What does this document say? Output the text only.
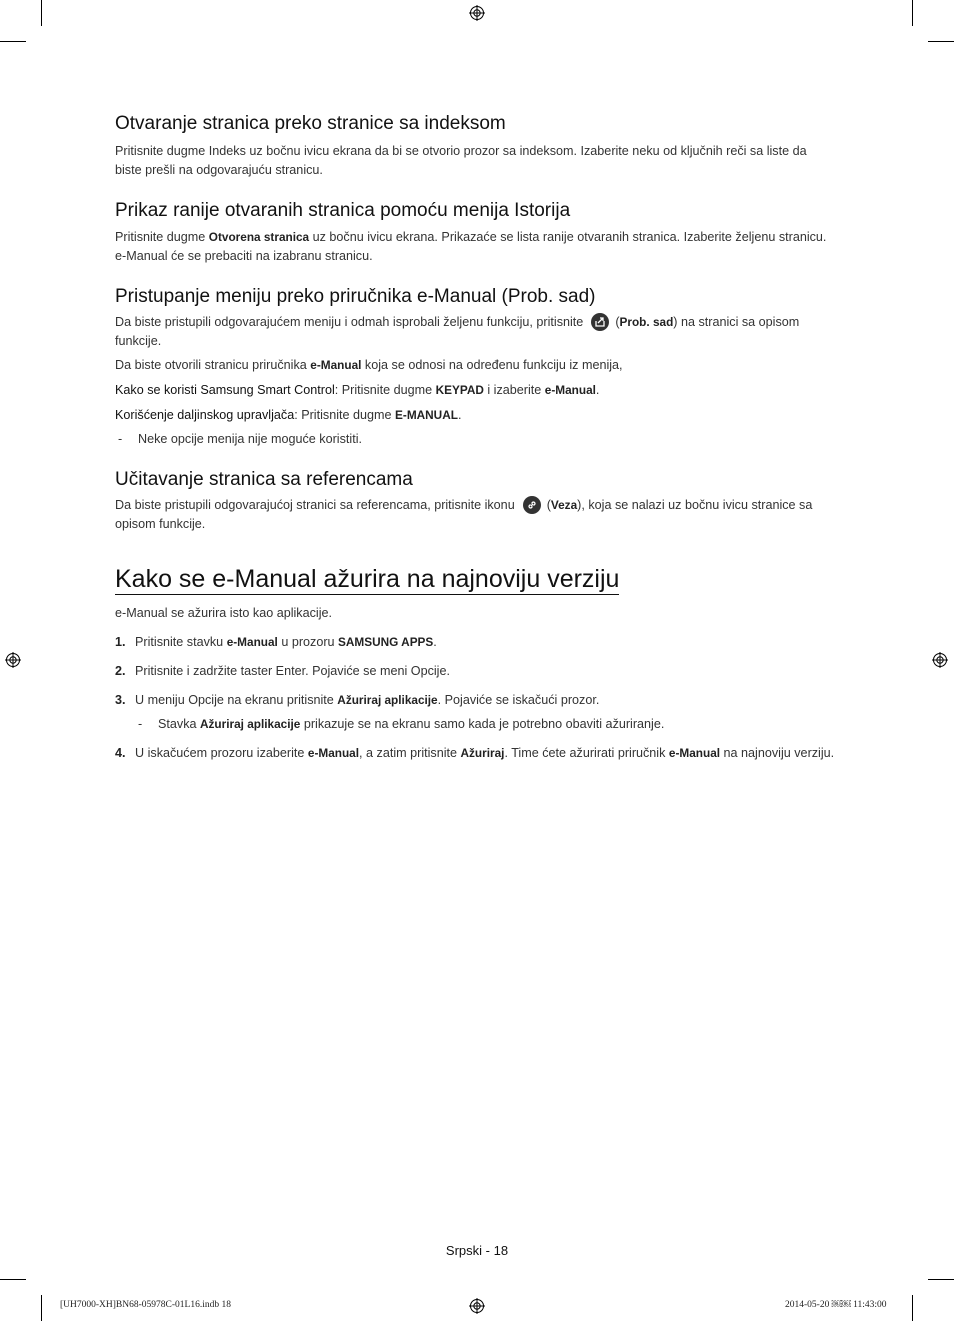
Otvaranje stranica preko stranice sa indeksom

Pritisnite dugme Indeks uz bočnu ivicu ekrana da bi se otvorio prozor sa indeksom. Izaberite neku od ključnih reči sa liste da biste prešli na odgovarajuću stranicu.

Prikaz ranije otvaranih stranica pomoću menija Istorija

Pritisnite dugme Otvorena stranica uz bočnu ivicu ekrana. Prikazaće se lista ranije otvaranih stranica. Izaberite željenu stranicu. e-Manual će se prebaciti na izabranu stranicu.

Pristupanje meniju preko priručnika e-Manual (Prob. sad)

Da biste pristupili odgovarajućem meniju i odmah isprobali željenu funkciju, pritisnite	(Prob. sad) na stranici sa opisom funkcije.

Da biste otvorili stranicu priručnika e-Manual koja se odnosi na određenu funkciju iz menija,

Kako se koristi Samsung Smart Control: Pritisnite dugme KEYPAD i izaberite e-Manual.

Korišćenje daljinskog upravljača: Pritisnite dugme E-MANUAL.

-	Neke opcije menija nije moguće koristiti.
Učitavanje stranica sa referencama

Da biste pristupili odgovarajućoj stranici sa referencama, pritisnite ikonu	(Veza), koja se nalazi uz bočnu ivicu stranice sa opisom funkcije.

Kako se e-Manual ažurira na najnoviju verziju

e-Manual se ažurira isto kao aplikacije.

1. Pritisnite stavku e-Manual u prozoru SAMSUNG APPS.
2. Pritisnite i zadržite taster Enter. Pojaviće se meni Opcije.
3. U meniju Opcije na ekranu pritisnite Ažuriraj aplikacije. Pojaviće se iskačući prozor.
-	Stavka Ažuriraj aplikacije prikazuje se na ekranu samo kada je potrebno obaviti ažuriranje.
4. U iskačućem prozoru izaberite e-Manual, a zatim pritisnite Ažuriraj. Time ćete ažurirati priručnik e-Manual na najnoviju verziju.
Srpski - 18
[UH7000-XH]BN68-05978C-01L16.indb 18	2014-05-20 ￼￼ 11:43:00
